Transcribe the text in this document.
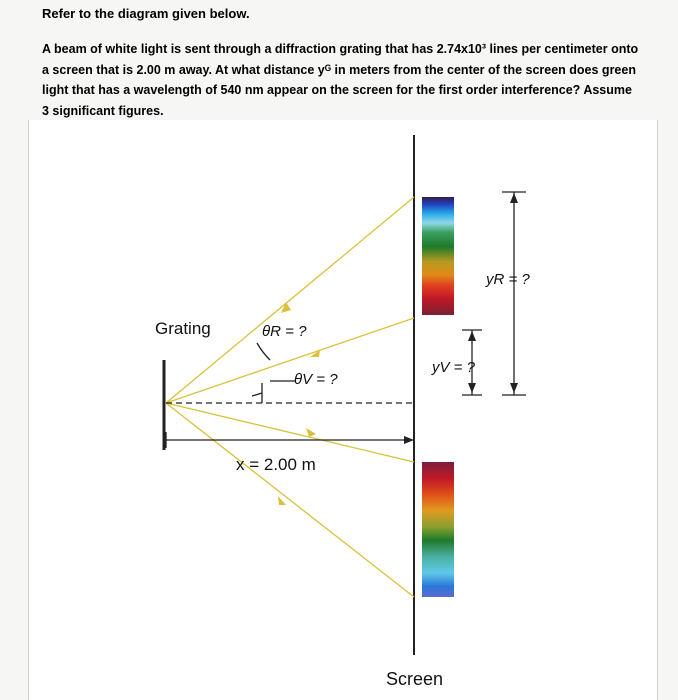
Refer to the diagram given below.
A beam of white light is sent through a diffraction grating that has 2.74x10³ lines per centimeter onto a screen that is 2.00 m away. At what distance yᴳ in meters from the center of the screen does green light that has a wavelength of 540 nm appear on the screen for the first order interference? Assume 3 significant figures.
Grating	θR = ?
θV = ?
yR = ?
yV = ?
x = 2.00 m
Screen
